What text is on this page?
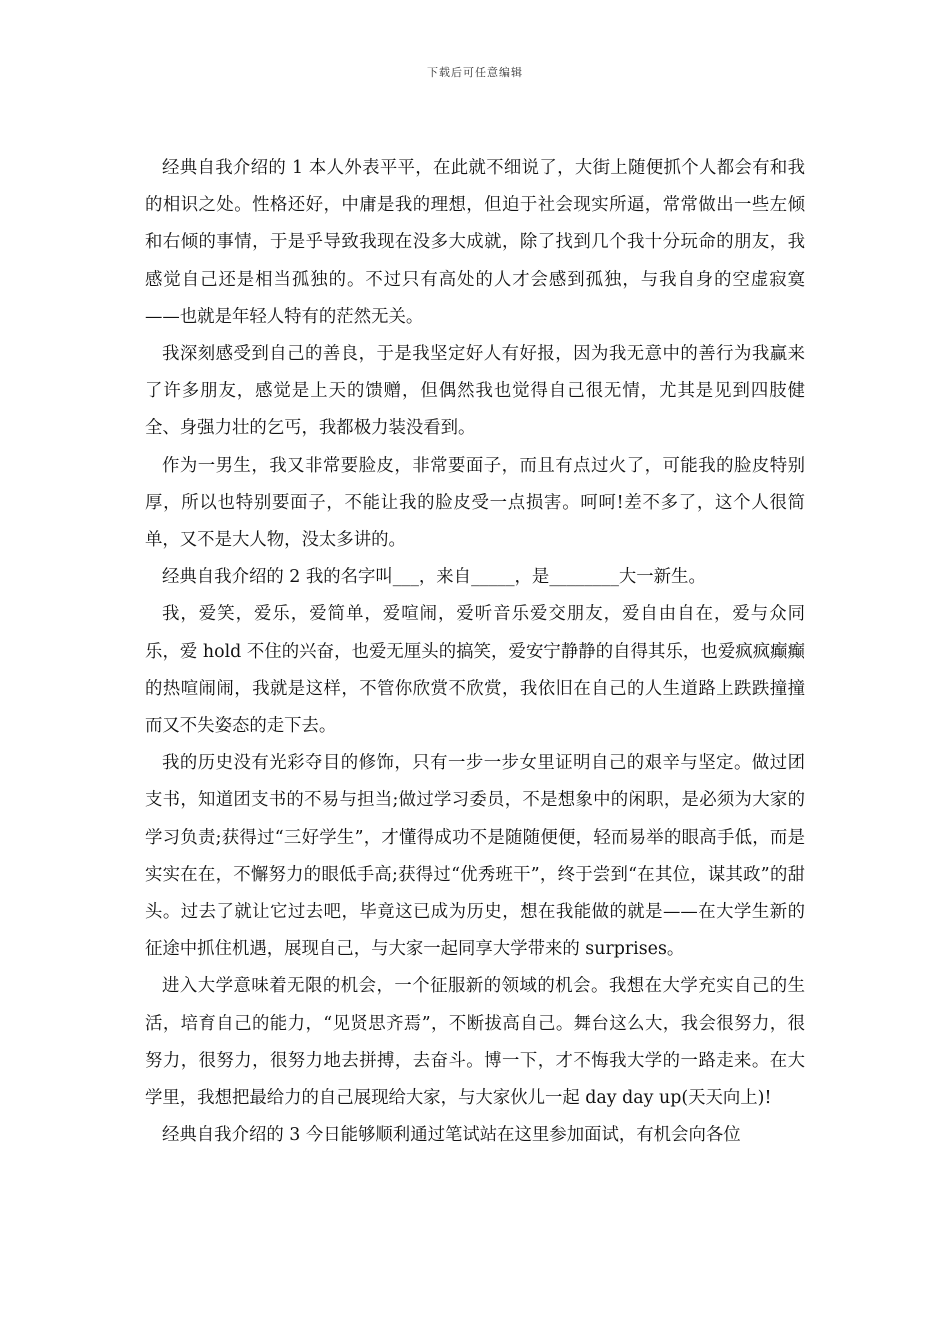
下载后可任意编辑

经典自我介绍的 1 本人外表平平，在此就不细说了，大街上随便抓个人都会有和我的相识之处。性格还好，中庸是我的理想，但迫于社会现实所逼，常常做出一些左倾和右倾的事情，于是乎导致我现在没多大成就，除了找到几个我十分玩命的朋友，我感觉自己还是相当孤独的。不过只有高处的人才会感到孤独，与我自身的空虚寂寞——也就是年轻人特有的茫然无关。

我深刻感受到自己的善良，于是我坚定好人有好报，因为我无意中的善行为我赢来了许多朋友，感觉是上天的馈赠，但偶然我也觉得自己很无情，尤其是见到四肢健全、身强力壮的乞丐，我都极力装没看到。

作为一男生，我又非常要脸皮，非常要面子，而且有点过火了，可能我的脸皮特别厚，所以也特别要面子，不能让我的脸皮受一点损害。呵呵!差不多了，这个人很简单，又不是大人物，没太多讲的。

经典自我介绍的 2 我的名字叫___，来自_____，是________大一新生。

我，爱笑，爱乐，爱简单，爱喧闹，爱听音乐爱交朋友，爱自由自在，爱与众同乐，爱 hold 不住的兴奋，也爱无厘头的搞笑，爱安宁静静的自得其乐，也爱疯疯癫癫的热喧闹闹，我就是这样，不管你欣赏不欣赏，我依旧在自己的人生道路上跌跌撞撞而又不失姿态的走下去。

我的历史没有光彩夺目的修饰，只有一步一步女里证明自己的艰辛与坚定。做过团支书，知道团支书的不易与担当;做过学习委员，不是想象中的闲职，是必须为大家的学习负责;获得过“三好学生”，才懂得成功不是随随便便，轻而易举的眼高手低，而是实实在在，不懈努力的眼低手高;获得过“优秀班干”，终于尝到“在其位，谋其政”的甜头。过去了就让它过去吧，毕竟这已成为历史，想在我能做的就是——在大学生新的征途中抓住机遇，展现自己，与大家一起同享大学带来的 surprises。

进入大学意味着无限的机会，一个征服新的领域的机会。我想在大学充实自己的生活，培育自己的能力，“见贤思齐焉”，不断拔高自己。舞台这么大，我会很努力，很努力，很努力，很努力地去拼搏，去奋斗。博一下，才不悔我大学的一路走来。在大学里，我想把最给力的自己展现给大家，与大家伙儿一起 day day up(天天向上)!

经典自我介绍的 3 今日能够顺利通过笔试站在这里参加面试，有机会向各位
